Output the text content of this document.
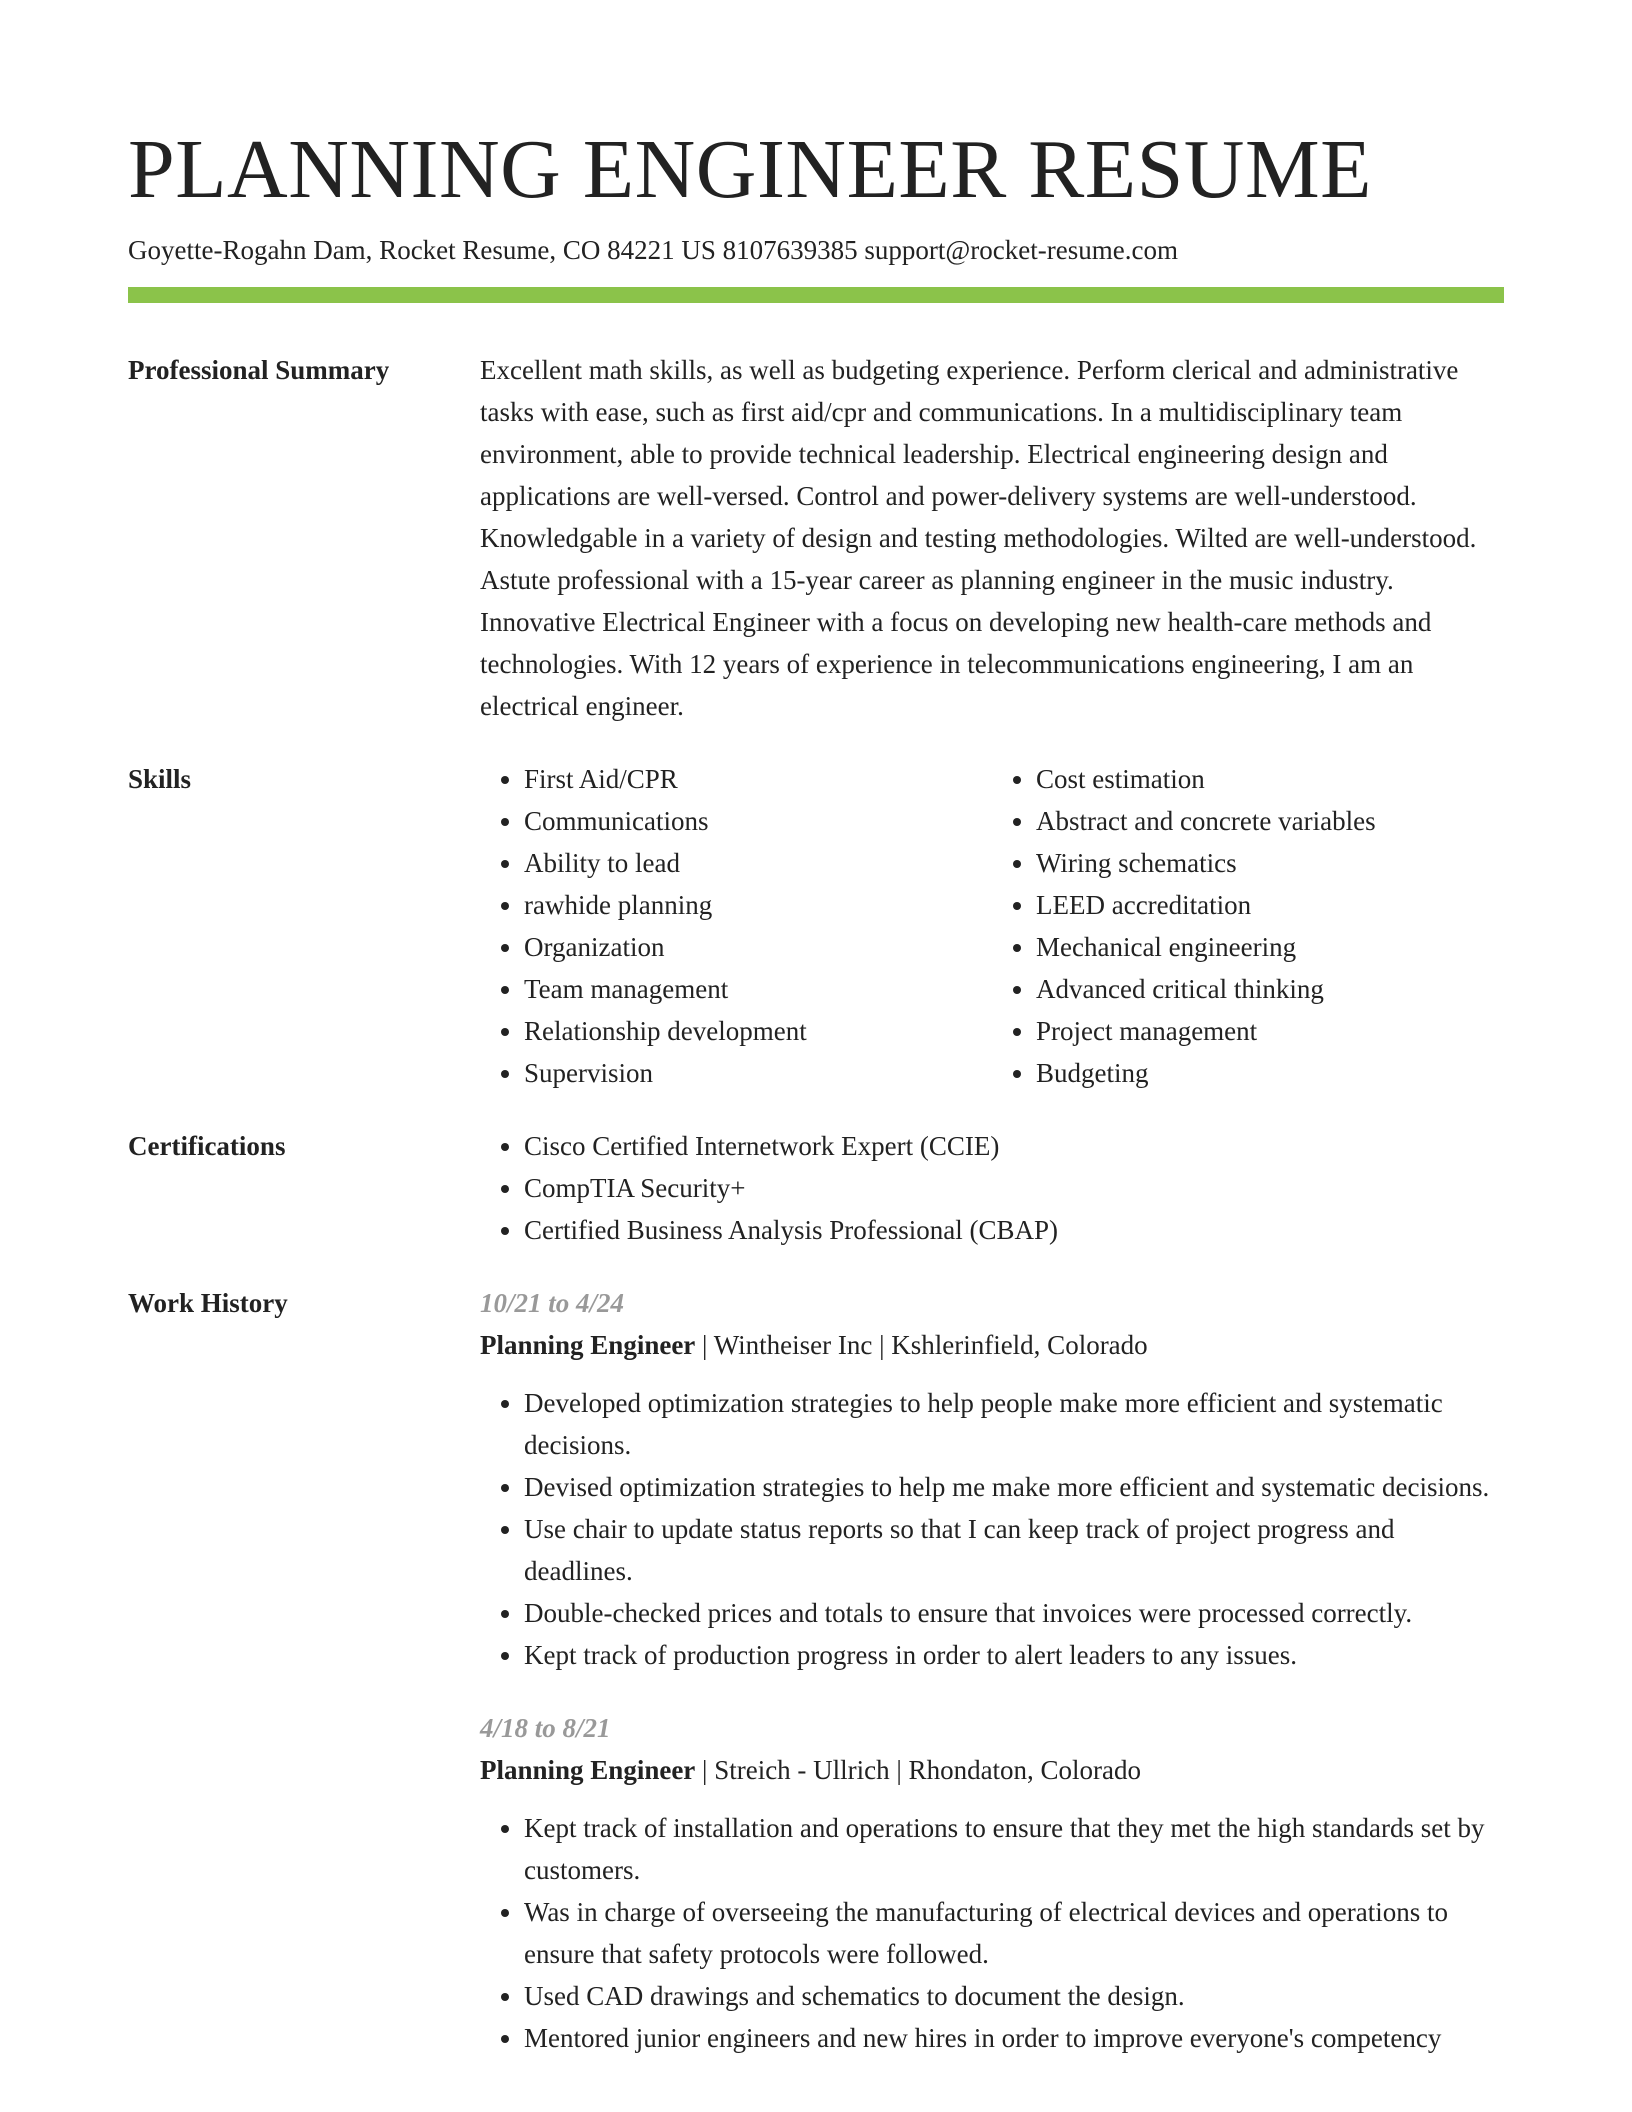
PLANNING ENGINEER RESUME
Goyette-Rogahn Dam, Rocket Resume, CO 84221 US 8107639385 support@rocket-resume.com
Professional Summary	Excellent math skills, as well as budgeting experience. Perform clerical and administrative tasks with ease, such as first aid/cpr and communications. In a multidisciplinary team environment, able to provide technical leadership. Electrical engineering design and applications are well-versed. Control and power-delivery systems are well-understood. Knowledgable in a variety of design and testing methodologies. Wilted are well-understood. Astute professional with a 15-year career as planning engineer in the music industry. Innovative Electrical Engineer with a focus on developing new health-care methods and technologies. With 12 years of experience in telecommunications engineering, I am an electrical engineer.

Skills	• First Aid/CPR
• Communications
• Ability to lead
• rawhide planning
• Organization
• Team management
• Relationship development
• Supervision
• Cost estimation
• Abstract and concrete variables
• Wiring schematics
• LEED accreditation
• Mechanical engineering
• Advanced critical thinking
• Project management
• Budgeting
Certifications	• Cisco Certified Internetwork Expert (CCIE)
• CompTIA Security+
• Certified Business Analysis Professional (CBAP)
Work History	10/21 to 4/24
Planning Engineer | Wintheiser Inc | Kshlerinfield, Colorado
• Developed optimization strategies to help people make more efficient and systematic decisions.
• Devised optimization strategies to help me make more efficient and systematic decisions.
• Use chair to update status reports so that I can keep track of project progress and deadlines.
• Double-checked prices and totals to ensure that invoices were processed correctly.
• Kept track of production progress in order to alert leaders to any issues.
4/18 to 8/21
Planning Engineer | Streich - Ullrich | Rhondaton, Colorado
• Kept track of installation and operations to ensure that they met the high standards set by customers.
• Was in charge of overseeing the manufacturing of electrical devices and operations to ensure that safety protocols were followed.
• Used CAD drawings and schematics to document the design.
• Mentored junior engineers and new hires in order to improve everyone's competency
